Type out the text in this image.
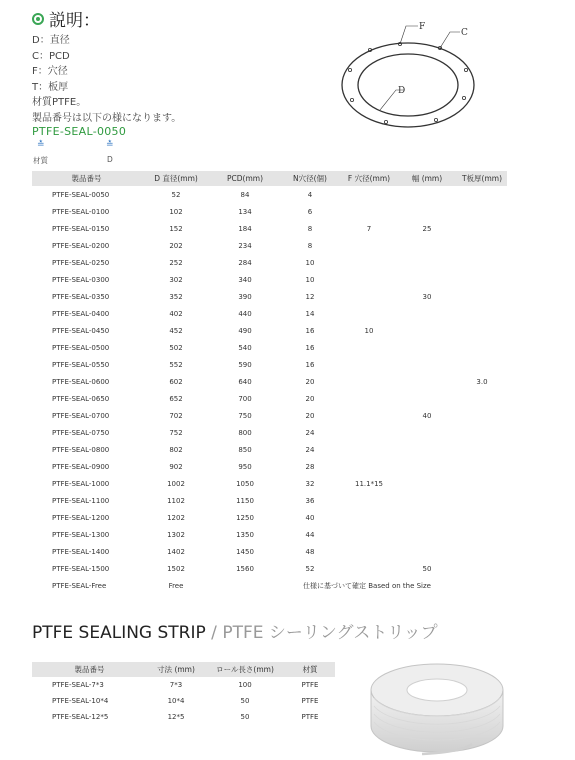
説明：
D：直径
C：PCD
F：穴径
T：板厚
材質PTFE。
製品番号は以下の様になります。
PTFE-SEAL-0050
≛	≛
材質	D
F
C
D
製品番号	D 直径(mm)	PCD(mm)	N穴径(個)	F 穴径(mm)	幅 (mm)	T板厚(mm)
PTFE-SEAL-0050	52	84	4			
PTFE-SEAL-0100	102	134	6			
PTFE-SEAL-0150	152	184	8	7	25	
PTFE-SEAL-0200	202	234	8			
PTFE-SEAL-0250	252	284	10			
PTFE-SEAL-0300	302	340	10			
PTFE-SEAL-0350	352	390	12		30	
PTFE-SEAL-0400	402	440	14			
PTFE-SEAL-0450	452	490	16	10		
PTFE-SEAL-0500	502	540	16			
PTFE-SEAL-0550	552	590	16			
PTFE-SEAL-0600	602	640	20			3.0
PTFE-SEAL-0650	652	700	20			
PTFE-SEAL-0700	702	750	20		40	
PTFE-SEAL-0750	752	800	24			
PTFE-SEAL-0800	802	850	24			
PTFE-SEAL-0900	902	950	28			
PTFE-SEAL-1000	1002	1050	32	11.1*15		
PTFE-SEAL-1100	1102	1150	36			
PTFE-SEAL-1200	1202	1250	40			
PTFE-SEAL-1300	1302	1350	44			
PTFE-SEAL-1400	1402	1450	48			
PTFE-SEAL-1500	1502	1560	52		50	
PTFE-SEAL-Free	Free		仕様に基づいて確定 Based on the Size			
PTFE SEALING STRIP / PTFE シーリングストリップ
製品番号	寸法 (mm)	ロール長さ(mm)	材質
PTFE-SEAL-7*3	7*3	100	PTFE
PTFE-SEAL-10*4	10*4	50	PTFE
PTFE-SEAL-12*5	12*5	50	PTFE
